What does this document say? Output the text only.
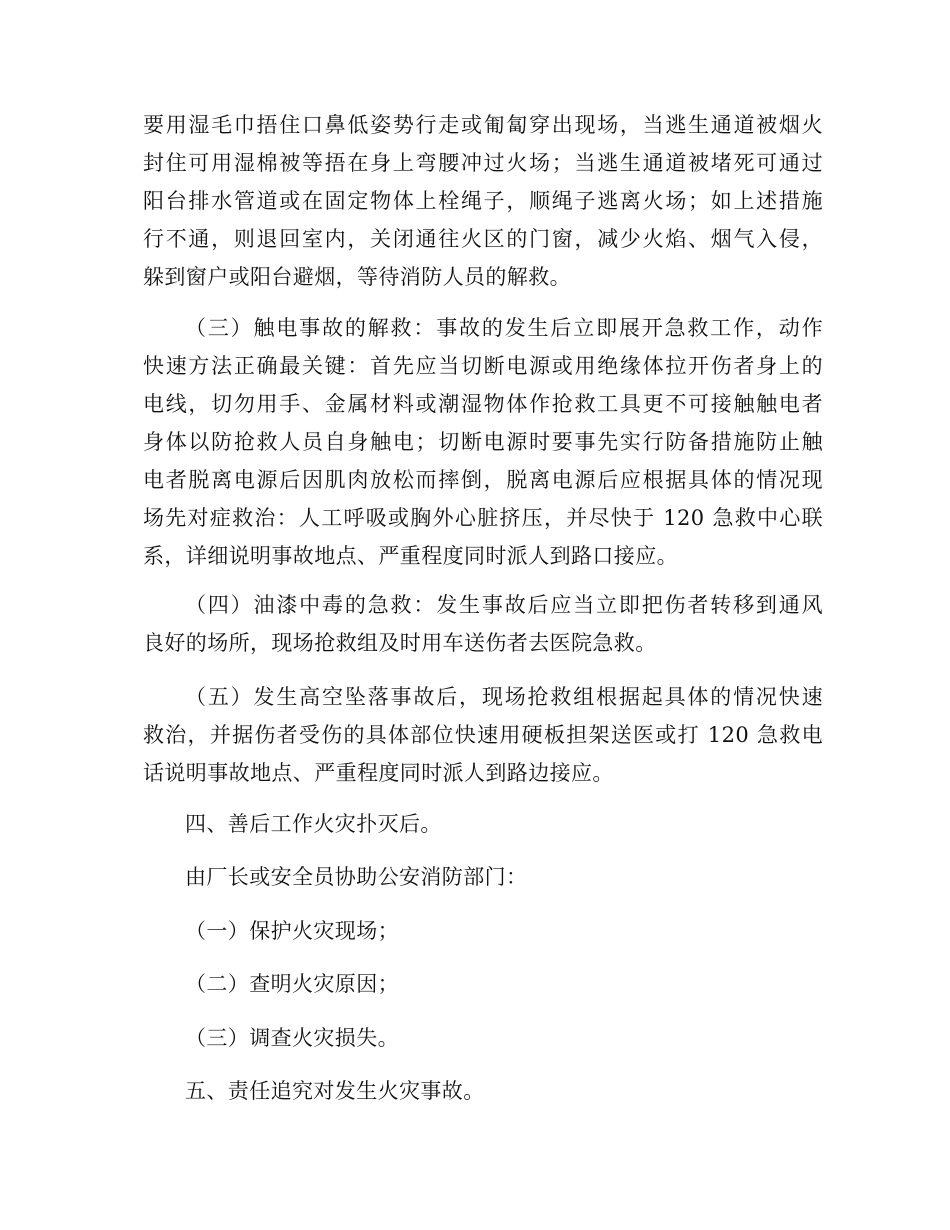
要用湿毛巾捂住口鼻低姿势行走或匍匐穿出现场，当逃生通道被烟火
封住可用湿棉被等捂在身上弯腰冲过火场；当逃生通道被堵死可通过
阳台排水管道或在固定物体上栓绳子，顺绳子逃离火场；如上述措施
行不通，则退回室内，关闭通往火区的门窗，减少火焰、烟气入侵，
躲到窗户或阳台避烟，等待消防人员的解救。
（三）触电事故的解救：事故的发生后立即展开急救工作，动作
快速方法正确最关键：首先应当切断电源或用绝缘体拉开伤者身上的
电线，切勿用手、金属材料或潮湿物体作抢救工具更不可接触触电者
身体以防抢救人员自身触电；切断电源时要事先实行防备措施防止触
电者脱离电源后因肌肉放松而摔倒，脱离电源后应根据具体的情况现
场先对症救治：人工呼吸或胸外心脏挤压，并尽快于 120 急救中心联
系，详细说明事故地点、严重程度同时派人到路口接应。
（四）油漆中毒的急救：发生事故后应当立即把伤者转移到通风
良好的场所，现场抢救组及时用车送伤者去医院急救。
（五）发生高空坠落事故后，现场抢救组根据起具体的情况快速
救治，并据伤者受伤的具体部位快速用硬板担架送医或打 120 急救电
话说明事故地点、严重程度同时派人到路边接应。
四、善后工作火灾扑灭后。
由厂长或安全员协助公安消防部门：
（一）保护火灾现场；
（二）查明火灾原因；
（三）调查火灾损失。
五、责任追究对发生火灾事故。
